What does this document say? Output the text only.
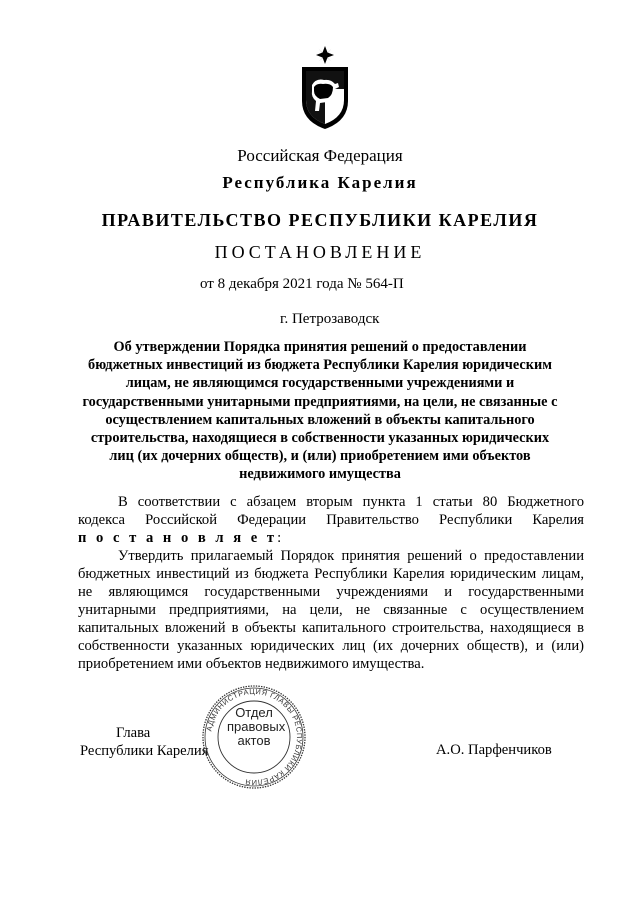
Российская Федерация
Республика Карелия
ПРАВИТЕЛЬСТВО РЕСПУБЛИКИ КАРЕЛИЯ
ПОСТАНОВЛЕНИЕ
от 8 декабря 2021 года № 564-П
г. Петрозаводск
Об утверждении Порядка принятия решений о предоставлении
бюджетных инвестиций из бюджета Республики Карелия юридическим
лицам, не являющимся государственными учреждениями и
государственными унитарными предприятиями, на цели, не связанные с
осуществлением капитальных вложений в объекты капитального
строительства, находящиеся в собственности указанных юридических
лиц (их дочерних обществ), и (или) приобретением ими объектов
недвижимого имущества
В соответствии с абзацем вторым пункта 1 статьи 80 Бюджетного
кодекса Российской Федерации Правительство Республики Карелия
п о с т а н о в л я е т:
Утвердить прилагаемый Порядок принятия решений о предоставлении
бюджетных инвестиций из бюджета Республики Карелия юридическим лицам,
не являющимся государственными учреждениями и государственными
унитарными предприятиями, на цели, не связанные с осуществлением
капитальных вложений в объекты капитального строительства, находящиеся в
собственности указанных юридических лиц (их дочерних обществ), и (или)
приобретением ими объектов недвижимого имущества.
Глава
Республики Карелия	А.О. Парфенчиков
АДМИНИСТРАЦИЯ ГЛАВЫ РЕСПУБЛИКИ КАРЕЛИЯ
Отдел
правовых
актов
